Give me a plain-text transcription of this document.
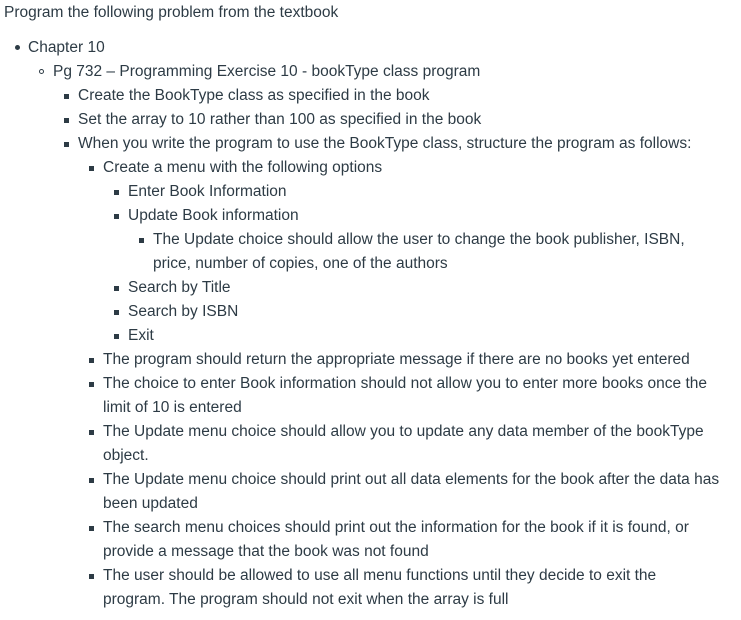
Program the following problem from the textbook
Chapter 10
Pg 732 – Programming Exercise 10 - bookType class program
Create the BookType class as specified in the book
Set the array to 10 rather than 100 as specified in the book
When you write the program to use the BookType class, structure the program as follows:
Create a menu with the following options
Enter Book Information
Update Book information
The Update choice should allow the user to change the book publisher, ISBN,
price, number of copies, one of the authors
Search by Title
Search by ISBN
Exit
The program should return the appropriate message if there are no books yet entered
The choice to enter Book information should not allow you to enter more books once the
limit of 10 is entered
The Update menu choice should allow you to update any data member of the bookType
object.
The Update menu choice should print out all data elements for the book after the data has
been updated
The search menu choices should print out the information for the book if it is found, or
provide a message that the book was not found
The user should be allowed to use all menu functions until they decide to exit the
program. The program should not exit when the array is full
